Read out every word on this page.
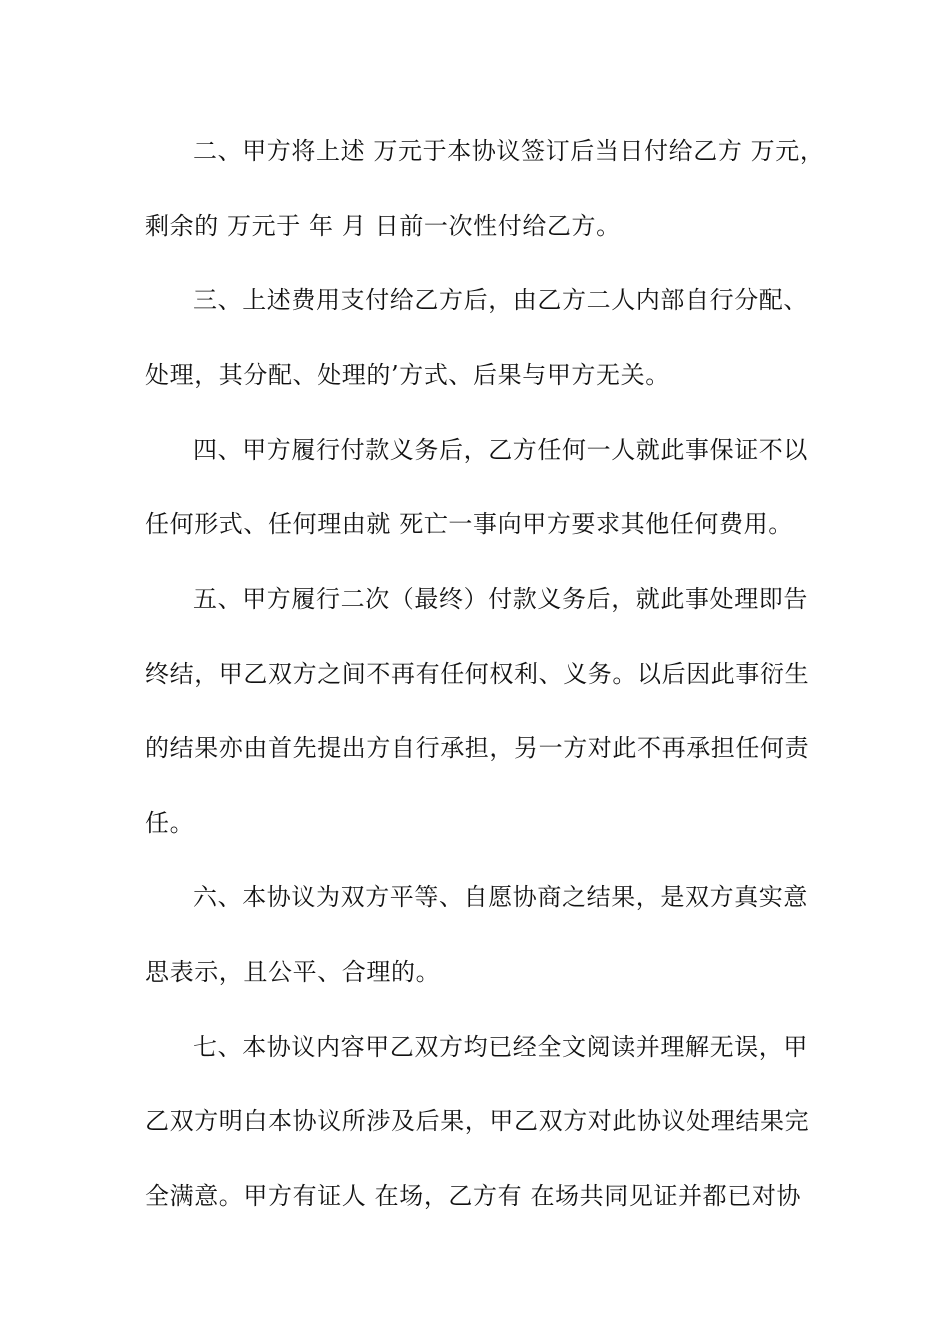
二、甲方将上述 万元于本协议签订后当日付给乙方 万元，
剩余的 万元于 年 月 日前一次性付给乙方。
三、上述费用支付给乙方后，由乙方二人内部自行分配、
处理，其分配、处理的’方式、后果与甲方无关。
四、甲方履行付款义务后，乙方任何一人就此事保证不以
任何形式、任何理由就 死亡一事向甲方要求其他任何费用。
五、甲方履行二次（最终）付款义务后，就此事处理即告
终结，甲乙双方之间不再有任何权利、义务。以后因此事衍生
的结果亦由首先提出方自行承担，另一方对此不再承担任何责
任。
六、本协议为双方平等、自愿协商之结果，是双方真实意
思表示，且公平、合理的。
七、本协议内容甲乙双方均已经全文阅读并理解无误，甲
乙双方明白本协议所涉及后果，甲乙双方对此协议处理结果完
全满意。甲方有证人 在场，乙方有 在场共同见证并都已对协
